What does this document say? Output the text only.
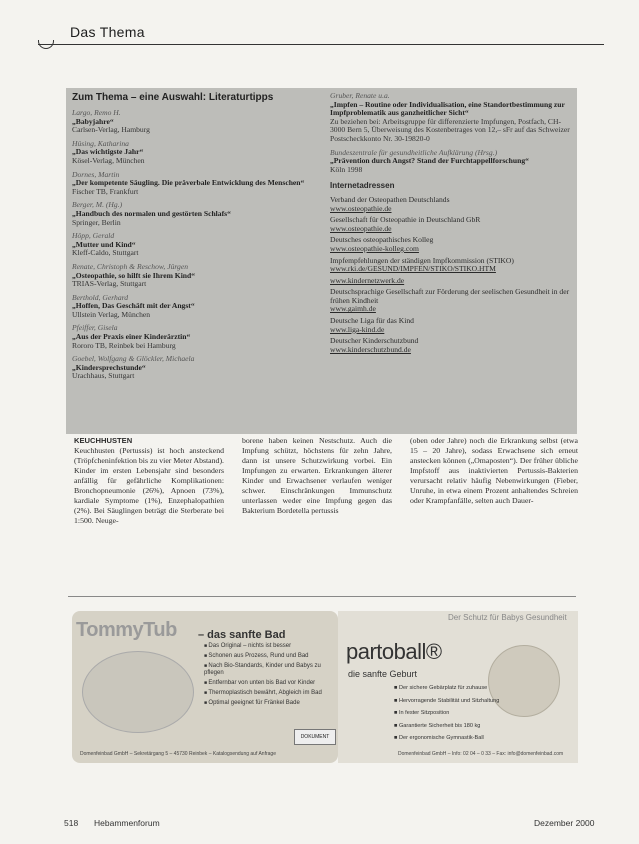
Das Thema
Zum Thema – eine Auswahl: Literaturtipps
Largo, Remo H.
„Babyjahre“
Carlsen-Verlag, Hamburg
Hüsing, Katharina
„Das wichtigste Jahr“
Kösel-Verlag, München
Dornes, Martin
„Der kompetente Säugling. Die präverbale Entwicklung des Menschen“
Fischer TB, Frankfurt
Berger, M. (Hg.)
„Handbuch des normalen und gestörten Schlafs“
Springer, Berlin
Höpp, Gerald
„Mutter und Kind“
Kleff-Caldo, Stuttgart
Renate, Christoph & Reschow, Jürgen
„Osteopathie, so hilft sie Ihrem Kind“
TRIAS-Verlag, Stuttgart
Berthold, Gerhard
„Hoffen, Das Geschäft mit der Angst“
Ullstein Verlag, München
Pfeiffer, Gisela
„Aus der Praxis einer Kinderärztin“
Rororo TB, Reinbek bei Hamburg
Goebel, Wolfgang & Glöckler, Michaela
„Kindersprechstunde“
Urachhaus, Stuttgart
Gruber, Renate u.a.
„Impfen – Routine oder Individualisation, eine Standortbestimmung zur Impfproblematik aus ganzheitlicher Sicht“
Zu beziehen bei: Arbeitsgruppe für differenzierte Impfungen, Postfach, CH-3000 Bern 5, Überweisung des Kostenbetrages von 12,– sFr auf das Schweizer Postscheckkonto Nr. 30-19820-0
Bundeszentrale für gesundheitliche Aufklärung (Hrsg.)
„Prävention durch Angst? Stand der Furchtappellforschung“
Köln 1998
Internetadressen
Verband der Osteopathen Deutschlands
www.osteopathie.de
Gesellschaft für Osteopathie in Deutschland GbR
www.osteopathie.de
Deutsches osteopathisches Kolleg
www.osteopathie-kolleg.com
Impfempfehlungen der ständigen Impfkommission (STIKO)
www.rki.de/GESUND/IMPFEN/STIKO/STIKO.HTM
www.kindernetzwerk.de
Deutschsprachige Gesellschaft zur Förderung der seelischen Gesundheit in der frühen Kindheit
www.gaimh.de
Deutsche Liga für das Kind
www.liga-kind.de
Deutscher Kinderschutzbund
www.kinderschutzbund.de
KEUCHHUSTEN
Keuchhusten (Pertussis) ist hoch ansteckend (Tröpfcheninfektion bis zu vier Meter Abstand). Kinder im ersten Lebensjahr sind besonders anfällig für gefährliche Komplikationen: Bronchopneumonie (26%), Apnoen (73%), kardiale Symptome (1%), Enzephalopathien (2%). Bei Säuglingen beträgt die Sterberate bei 1:500. Neuge-
borene haben keinen Nestschutz. Auch die Impfung schützt, höchstens für zehn Jahre, dann ist unsere Schutzwirkung vorbei. Ein Impfungen zu erwarten. Erkrankungen älterer Kinder und Erwachsener verlaufen weniger schwer. Einschränkungen Immunschutz unterlassen weder eine Impfung gegen das Bakterium Bordetella pertussis
(oben oder Jahre) noch die Erkrankung selbst (etwa 15 – 20 Jahre), sodass Erwachsene sich erneut anstecken können („Omaposten“). Der früher übliche Impfstoff aus inaktivierten Pertussis-Bakterien verursacht relativ häufig Nebenwirkungen (Fieber, Unruhe, in etwa einem Prozent anhaltendes Schreien oder Krampfanfälle, selten auch Dauer-
TommyTub – das sanfte Bad
■ Das Original – nichts ist besser
■ Schonen aus Prozess, Rund und Bad
■ Nach Bio-Standards, Kinder und Babys zu pflegen
■ Entfernbar von unten bis Bad vor Kinder
■ Thermoplastisch bewährt, Abgleich im Bad
■ Optimal geeignet für Fränkel Bade
DOKUMENT
Domenfeinbad GmbH – Sekretärgang 5 – 45730 Reinbek – Katalogsendung auf Anfrage
Der Schutz für Babys Gesundheit
partoball®
die sanfte Geburt
■ Der sichere Gebärplatz für zuhause
■ Hervorragende Stabilität und Sitzhaltung
■ In fester Sitzposition
■ Garantierte Sicherheit bis 180 kg
■ Der ergonomische Gymnastik-Ball
Domenfeinbad GmbH – Info: 02 04 – 0 33 – Fax: info@domenfeinbad.com
518 Hebammenforum	Dezember 2000
